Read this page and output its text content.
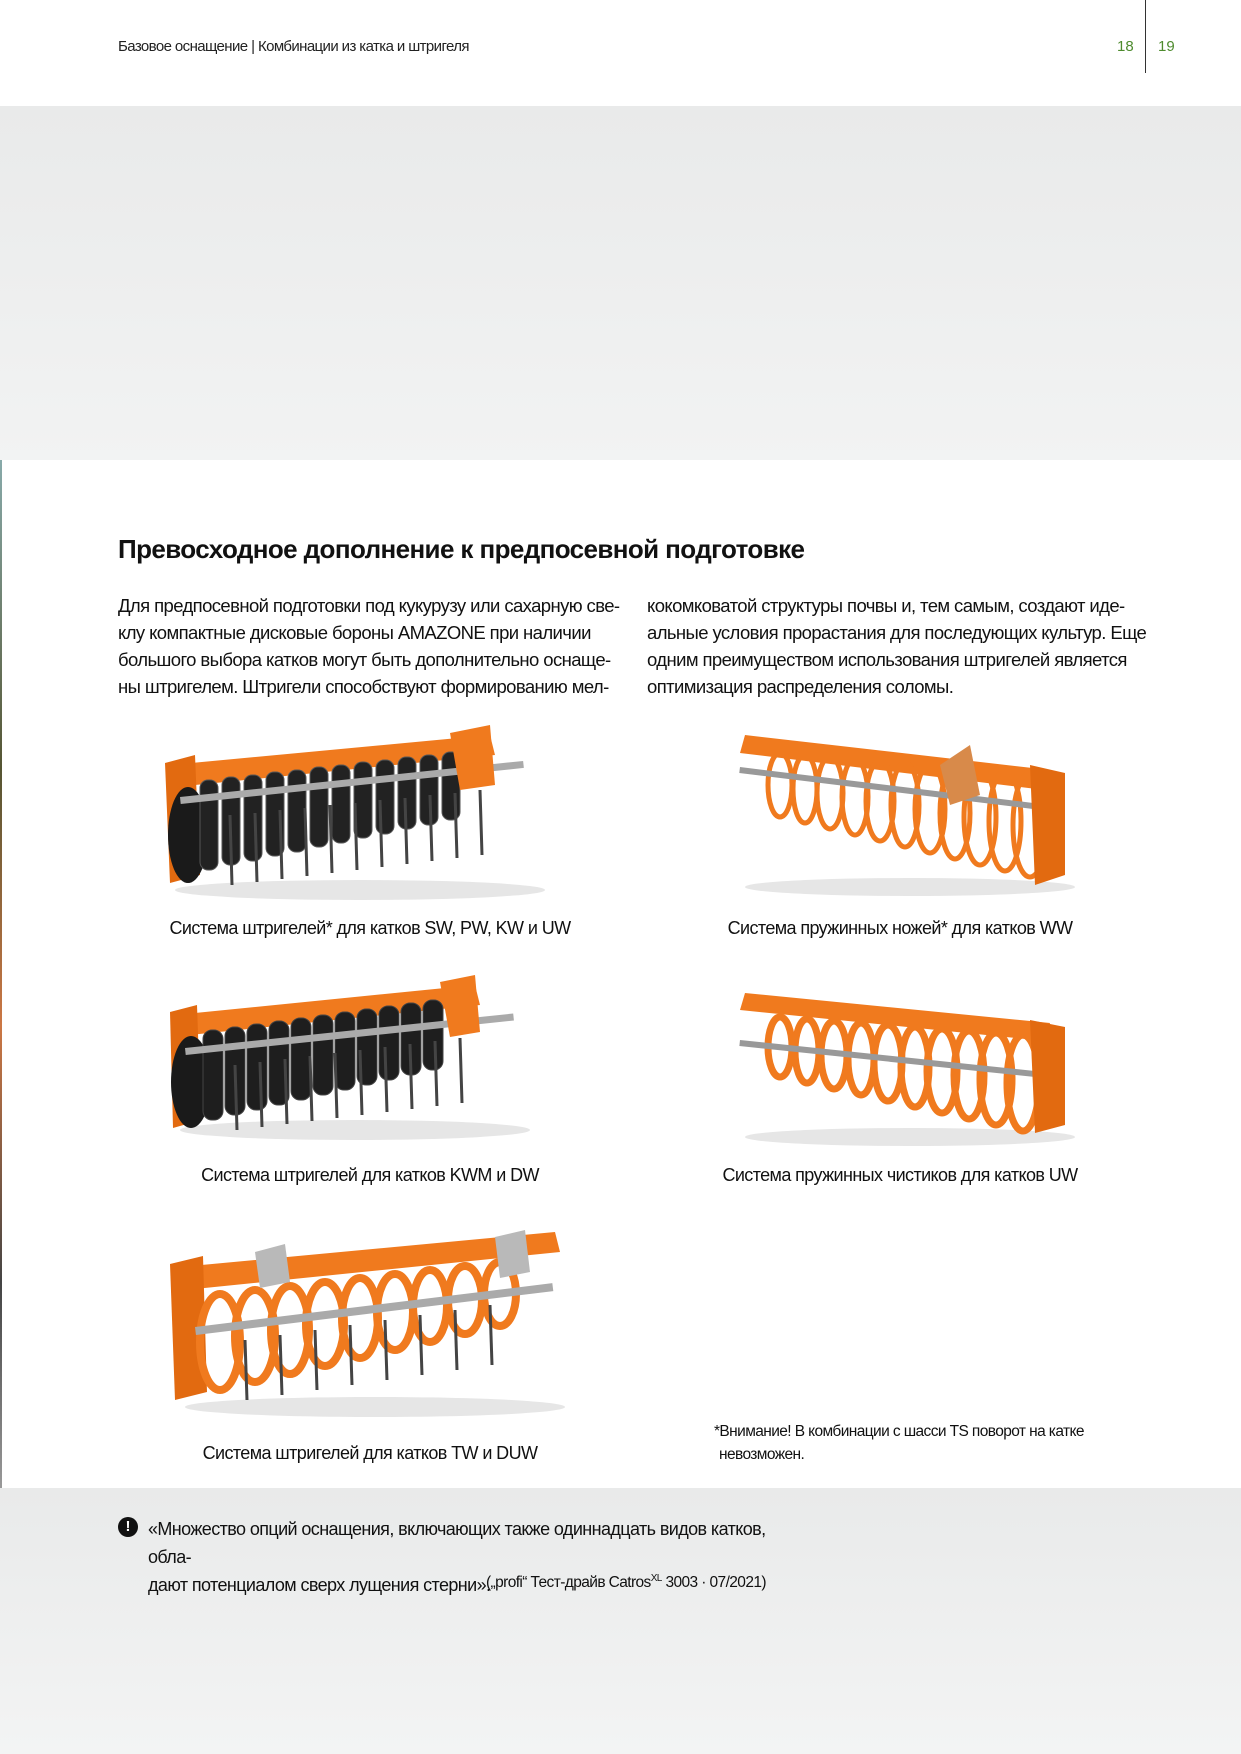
Базовое оснащение | Комбинации из катка и штригеля	18 19
Превосходное дополнение к предпосевной подготовке

Для предпосевной подготовки под кукурузу или сахарную све-

клу компактные дисковые бороны AMAZONE при наличии

большого выбора катков могут быть дополнительно оснаще-

ны штригелем. Штригели способствуют формированию мел-

кокомковатой структуры почвы и, тем самым, создают иде-

альные условия прорастания для последующих культур. Еще

одним преимуществом использования штригелей является

оптимизация распределения соломы.

Система штригелей* для катков SW, PW, KW и UW	Система пружинных ножей* для катков WW
Система штригелей для катков KWM и DW	Система пружинных чистиков для катков UW
Система штригелей для катков TW и DUW
*Внимание! В комбинации с шасси TS поворот на катке
невозможен.
! «Множество опций оснащения, включающих также одиннадцать видов катков, обла-

дают потенциалом сверх лущения стерни».

(„profi“ Тест-драйв Catros$^{XL}$ 3003 · 07/2021)
